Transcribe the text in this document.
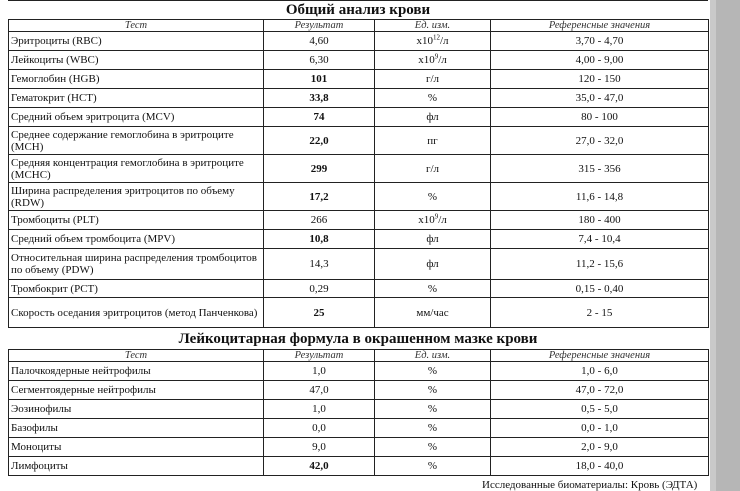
Общий анализ крови
Тест	Результат	Ед. изм.	Референсные значения
Эритроциты (RBC)	4,60	$x10^{12}/л$	3,70 - 4,70
Лейкоциты (WBC)	6,30	$x10^9/л$	4,00 - 9,00
Гемоглобин (HGB)	101	г/л	120 - 150
Гематокрит (HCT)	33,8	%	35,0 - 47,0
Средний объем эритроцита (MCV)	74	фл	80 - 100
Среднее содержание гемоглобина в эритроците (MCH)	22,0	пг	27,0 - 32,0
Средняя концентрация гемоглобина в эритроците (MCHC)	299	г/л	315 - 356
Ширина распределения эритроцитов по объему (RDW)	17,2	%	11,6 - 14,8
Тромбоциты (PLT)	266	$x10^9/л$	180 - 400
Средний объем тромбоцита (MPV)	10,8	фл	7,4 - 10,4
Относительная ширина распределения тромбоцитов по объему (PDW)	14,3	фл	11,2 - 15,6
Тромбокрит (PCT)	0,29	%	0,15 - 0,40
Скорость оседания эритроцитов (метод Панченкова)	25	мм/час	2 - 15
Лейкоцитарная формула в окрашенном мазке крови
Тест	Результат	Ед. изм.	Референсные значения
Палочкоядерные нейтрофилы	1,0	%	1,0 - 6,0
Сегментоядерные нейтрофилы	47,0	%	47,0 - 72,0
Эозинофилы	1,0	%	0,5 - 5,0
Базофилы	0,0	%	0,0 - 1,0
Моноциты	9,0	%	2,0 - 9,0
Лимфоциты	42,0	%	18,0 - 40,0
Исследованные биоматериалы: Кровь (ЭДТА)
